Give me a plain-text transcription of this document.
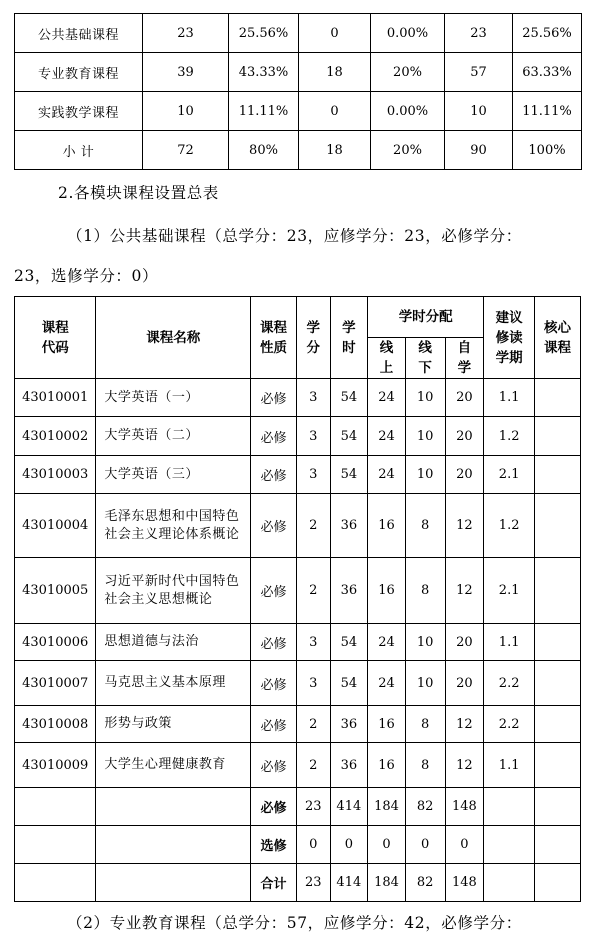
公共基础课程	23	25.56%	0	0.00%	23	25.56%
专业教育课程	39	43.33%	18	20%	57	63.33%
实践教学课程	10	11.11%	0	0.00%	10	11.11%
小 计	72	80%	18	20%	90	100%
2.各模块课程设置总表
（1）公共基础课程（总学分：23，应修学分：23，必修学分：
23，选修学分：0）
课程代码	课程名称	课程性质	学分	学时	学时分配			建议修读学期	核心课程

					线上	线下	自学		

43010001	大学英语（一）	必修	3	54	24	10	20	1.1	
43010002	大学英语（二）	必修	3	54	24	10	20	1.2	
43010003	大学英语（三）	必修	3	54	24	10	20	2.1	
43010004	毛泽东思想和中国特色社会主义理论体系概论	必修	2	36	16	8	12	1.2	
43010005	习近平新时代中国特色社会主义思想概论	必修	2	36	16	8	12	2.1	
43010006	思想道德与法治	必修	3	54	24	10	20	1.1	
43010007	马克思主义基本原理	必修	3	54	24	10	20	2.2	
43010008	形势与政策	必修	2	36	16	8	12	2.2	
43010009	大学生心理健康教育	必修	2	36	16	8	12	1.1	
		必修	23	414	184	82	148		
		选修	0	0	0	0	0		
		合计	23	414	184	82	148		
（2）专业教育课程（总学分：57，应修学分：42，必修学分：
